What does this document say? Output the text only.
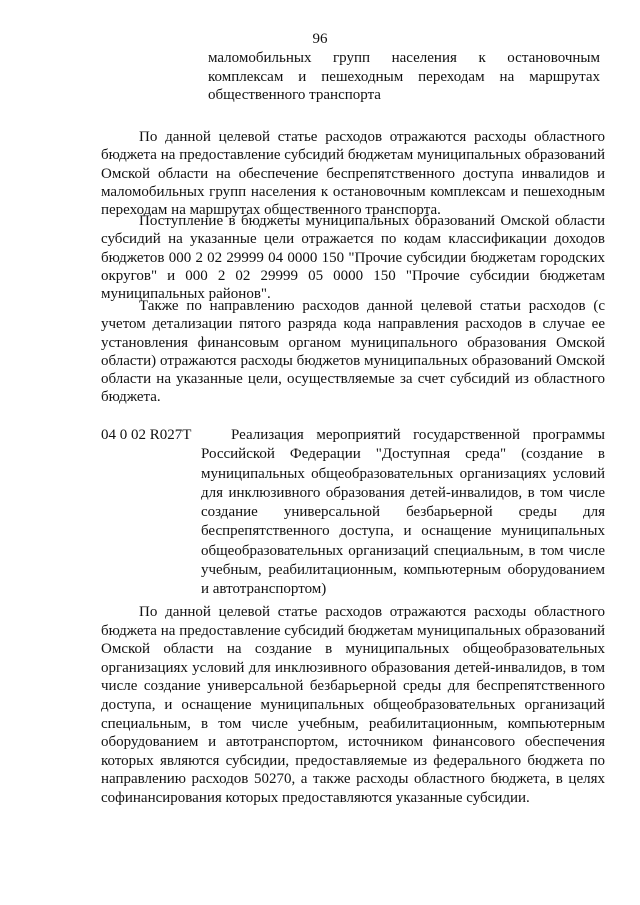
96
маломобильных групп населения к остановочным комплексам и пешеходным переходам на маршрутах общественного транспорта

По данной целевой статье расходов отражаются расходы областного бюджета на предоставление субсидий бюджетам муниципальных образований Омской области на обеспечение беспрепятственного доступа инвалидов и маломобильных групп населения к остановочным комплексам и пешеходным переходам на маршрутах общественного транспорта.

Поступление в бюджеты муниципальных образований Омской области субсидий на указанные цели отражается по кодам классификации доходов бюджетов 000 2 02 29999 04 0000 150 "Прочие субсидии бюджетам городских округов" и 000 2 02 29999 05 0000 150 "Прочие субсидии бюджетам муниципальных районов".

Также по направлению расходов данной целевой статьи расходов (с учетом детализации пятого разряда кода направления расходов в случае ее установления финансовым органом муниципального образования Омской области) отражаются расходы бюджетов муниципальных образований Омской области на указанные цели, осуществляемые за счет субсидий из областного бюджета.

04 0 02 R027Т	Реализация мероприятий государственной программы Российской Федерации "Доступная среда" (создание в муниципальных общеобразовательных организациях условий для инклюзивного образования детей-инвалидов, в том числе создание универсальной безбарьерной среды для беспрепятственного доступа, и оснащение муниципальных общеобразовательных организаций специальным, в том числе учебным, реабилитационным, компьютерным оборудованием и автотранспортом)

По данной целевой статье расходов отражаются расходы областного бюджета на предоставление субсидий бюджетам муниципальных образований Омской области на создание в муниципальных общеобразовательных организациях условий для инклюзивного образования детей-инвалидов, в том числе создание универсальной безбарьерной среды для беспрепятственного доступа, и оснащение муниципальных общеобразовательных организаций специальным, в том числе учебным, реабилитационным, компьютерным оборудованием и автотранспортом, источником финансового обеспечения которых являются субсидии, предоставляемые из федерального бюджета по направлению расходов 50270, а также расходы областного бюджета, в целях софинансирования которых предоставляются указанные субсидии.
